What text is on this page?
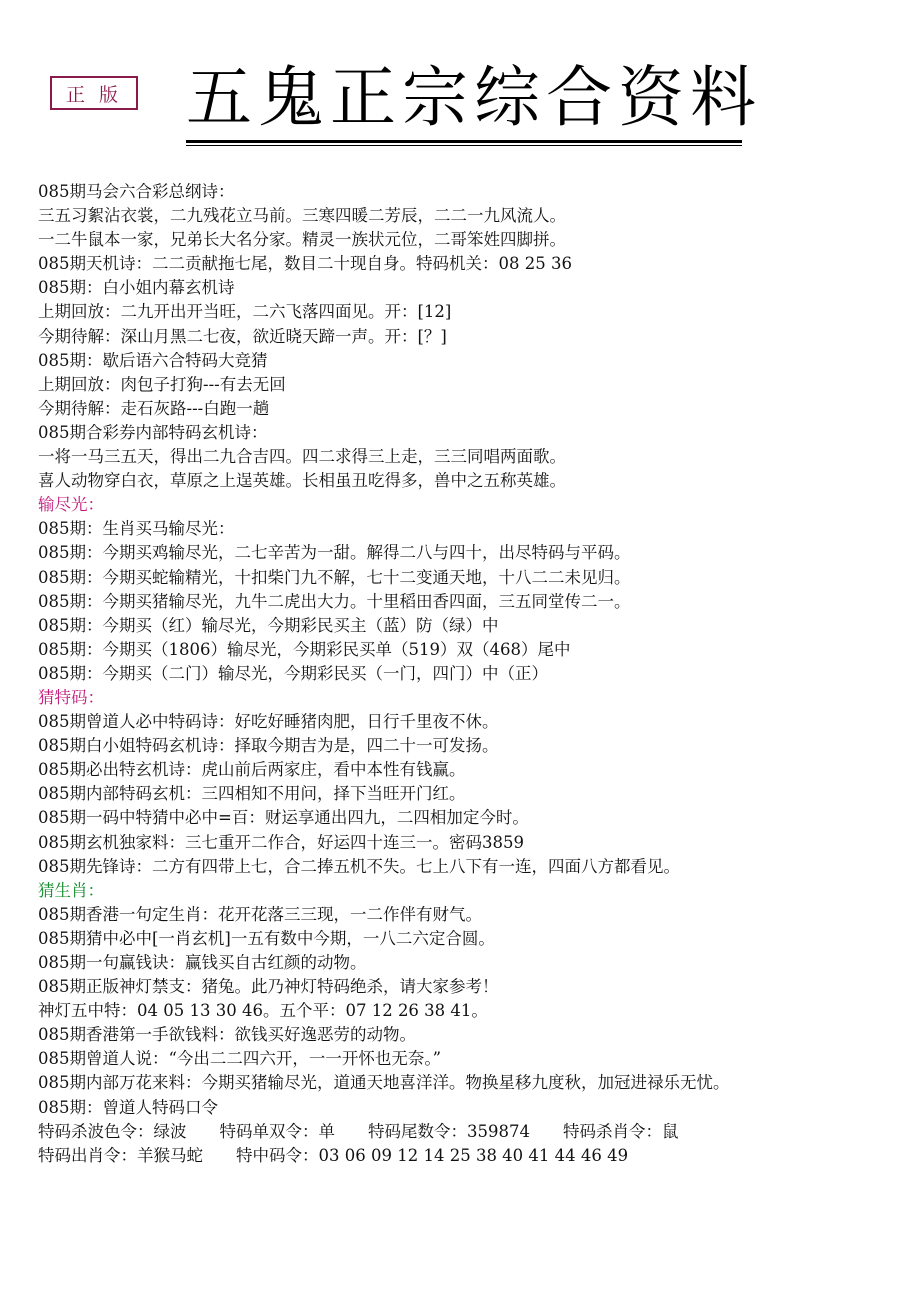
正 版 五鬼正宗综合资料
085期马会六合彩总纲诗：
三五习絮沾衣裳，二九残花立马前。三寒四暖二芳辰，二二一九风流人。
一二牛鼠本一家，兄弟长大名分家。精灵一族状元位，二哥笨姓四脚拼。
085期天机诗：二二贡献拖七尾，数目二十现自身。特码机关：08 25 36
085期：白小姐内幕玄机诗
上期回放：二九开出开当旺，二六飞落四面见。开：[12]
今期待解：深山月黑二七夜，欲近晓天蹄一声。开：[？]
085期：歇后语六合特码大竞猜
上期回放：肉包子打狗---有去无回
今期待解：走石灰路---白跑一趟
085期合彩券内部特码玄机诗：
一将一马三五天，得出二九合吉四。四二求得三上走，三三同唱两面歌。
喜人动物穿白衣，草原之上逞英雄。长相虽丑吃得多，兽中之五称英雄。
输尽光：
085期：生肖买马输尽光：
085期：今期买鸡输尽光，二七辛苦为一甜。解得二八与四十，出尽特码与平码。
085期：今期买蛇输精光，十扣柴门九不解，七十二变通天地，十八二二未见归。
085期：今期买猪输尽光，九牛二虎出大力。十里稻田香四面，三五同堂传二一。
085期：今期买（红）输尽光，今期彩民买主（蓝）防（绿）中
085期：今期买（1806）输尽光，今期彩民买单（519）双（468）尾中
085期：今期买（二门）输尽光，今期彩民买（一门，四门）中（正）
猜特码：
085期曾道人必中特码诗：好吃好睡猪肉肥，日行千里夜不休。
085期白小姐特码玄机诗：择取今期吉为是，四二十一可发扬。
085期必出特玄机诗：虎山前后两家庄，看中本性有钱赢。
085期内部特码玄机：三四相知不用问，择下当旺开门红。
085期一码中特猜中必中=百：财运享通出四九，二四相加定今时。
085期玄机独家料：三七重开二作合，好运四十连三一。密码3859
085期先锋诗：二方有四带上七，合二捧五机不失。七上八下有一连，四面八方都看见。
猜生肖：
085期香港一句定生肖：花开花落三三现，一二作伴有财气。
085期猜中必中[一肖玄机]一五有数中今期，一八二六定合圆。
085期一句赢钱诀：赢钱买自古红颜的动物。
085期正版神灯禁支：猪兔。此乃神灯特码绝杀，请大家参考！
神灯五中特：04 05 13 30 46。五个平：07 12 26 38 41。
085期香港第一手欲钱料：欲钱买好逸恶劳的动物。
085期曾道人说：“今出二二四六开，一一开怀也无奈。”
085期内部万花来料：今期买猪输尽光，道通天地喜洋洋。物换星移九度秋，加冠进禄乐无忧。
085期：曾道人特码口令
特码杀波色令：绿波　　特码单双令：单　　特码尾数令：359874　　特码杀肖令：鼠
特码出肖令：羊猴马蛇　　特中码令：03 06 09 12 14 25 38 40 41 44 46 49
